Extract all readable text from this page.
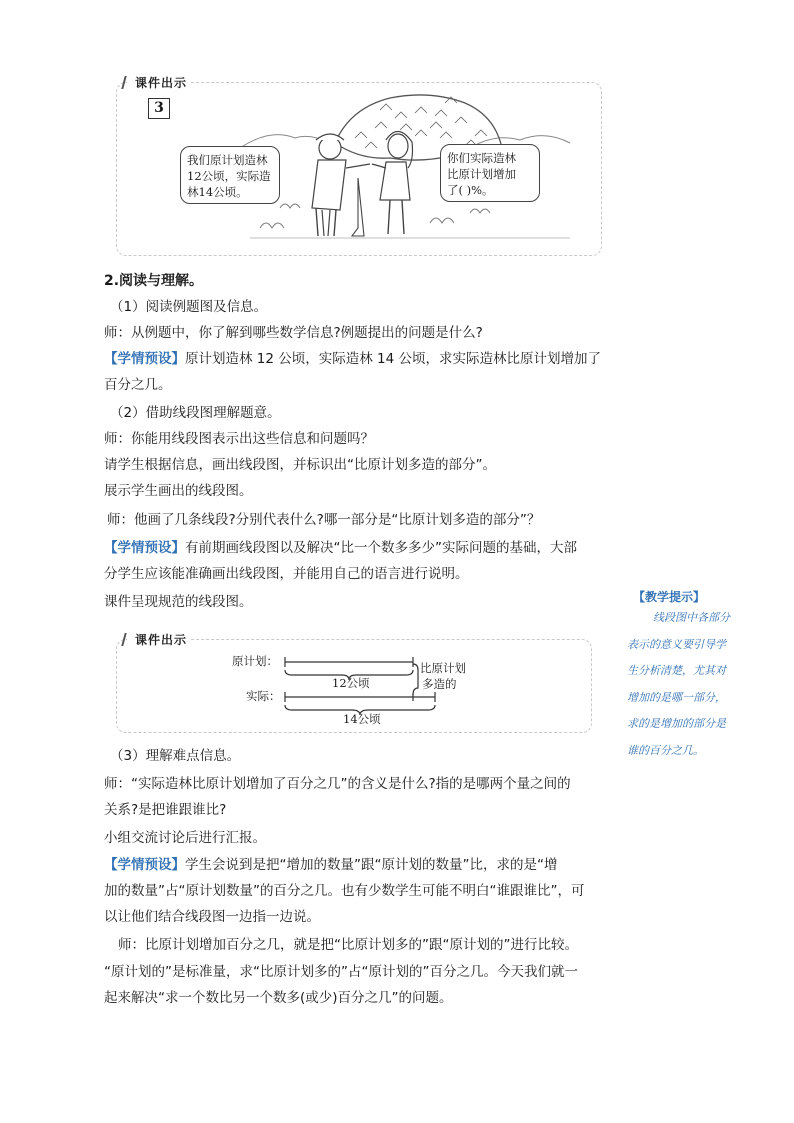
课件出示
3
我们原计划造林
12公顷，实际造
林14公顷。
你们实际造林
比原计划增加
了( )%。
2.阅读与理解。
（1）阅读例题图及信息。
师：从例题中，你了解到哪些数学信息?例题提出的问题是什么?
【学情预设】原计划造林 12 公顷，实际造林 14 公顷，求实际造林比原计划增加了
百分之几。
（2）借助线段图理解题意。
师：你能用线段图表示出这些信息和问题吗？
请学生根据信息，画出线段图，并标识出“比原计划多造的部分”。
展示学生画出的线段图。
师：他画了几条线段?分别代表什么?哪一部分是“比原计划多造的部分”？
【学情预设】有前期画线段图以及解决“比一个数多多少”实际问题的基础，大部
分学生应该能准确画出线段图，并能用自己的语言进行说明。
课件呈现规范的线段图。
课件出示
原计划：
实际：
12公顷
14公顷
比原计划
多造的
（3）理解难点信息。
师：“实际造林比原计划增加了百分之几”的含义是什么?指的是哪两个量之间的
关系?是把谁跟谁比?
小组交流讨论后进行汇报。
【学情预设】学生会说到是把“增加的数量”跟“原计划的数量”比，求的是“增
加的数量”占“原计划数量”的百分之几。也有少数学生可能不明白“谁跟谁比”，可
以让他们结合线段图一边指一边说。
师：比原计划增加百分之几，就是把“比原计划多的”跟“原计划的”进行比较。
“原计划的”是标准量，求“比原计划多的”占“原计划的”百分之几。今天我们就一
起来解决“求一个数比另一个数多(或少)百分之几”的问题。
【教学提示】
线段图中各部分
表示的意义要引导学
生分析清楚，尤其对
增加的是哪一部分，
求的是增加的部分是
谁的百分之几。
